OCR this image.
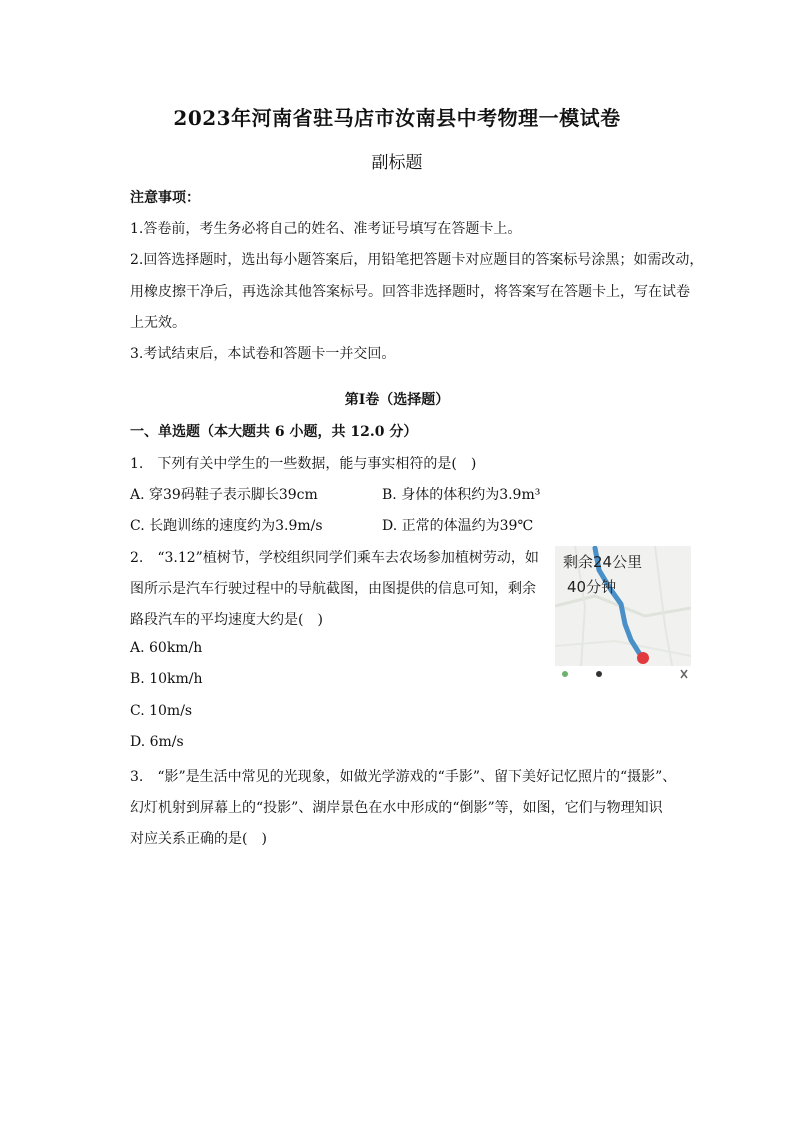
2023年河南省驻马店市汝南县中考物理一模试卷
副标题
注意事项：
1.答卷前，考生务必将自己的姓名、准考证号填写在答题卡上。
2.回答选择题时，选出每小题答案后，用铅笔把答题卡对应题目的答案标号涂黑；如需改动，
用橡皮擦干净后，再选涂其他答案标号。回答非选择题时，将答案写在答题卡上，写在试卷
上无效。
3.考试结束后，本试卷和答题卡一并交回。
第Ⅰ卷（选择题）
一、单选题（本大题共 6 小题，共 12.0 分）
1.　下列有关中学生的一些数据，能与事实相符的是(　)
A. 穿39码鞋子表示脚长39cm	B. 身体的体积约为3.9m³
C. 长跑训练的速度约为3.9m/s	D. 正常的体温约为39℃
2.　“3.12”植树节，学校组织同学们乘车去农场参加植树劳动，如
图所示是汽车行驶过程中的导航截图，由图提供的信息可知，剩余
路段汽车的平均速度大约是(　)
A. 60km/h
B. 10km/h
C. 10m/s
D. 6m/s
剩余24公里
40分钟
3.　“影”是生活中常见的光现象，如做光学游戏的“手影”、留下美好记忆照片的“摄影”、
幻灯机射到屏幕上的“投影”、湖岸景色在水中形成的“倒影”等，如图，它们与物理知识
对应关系正确的是(　)
